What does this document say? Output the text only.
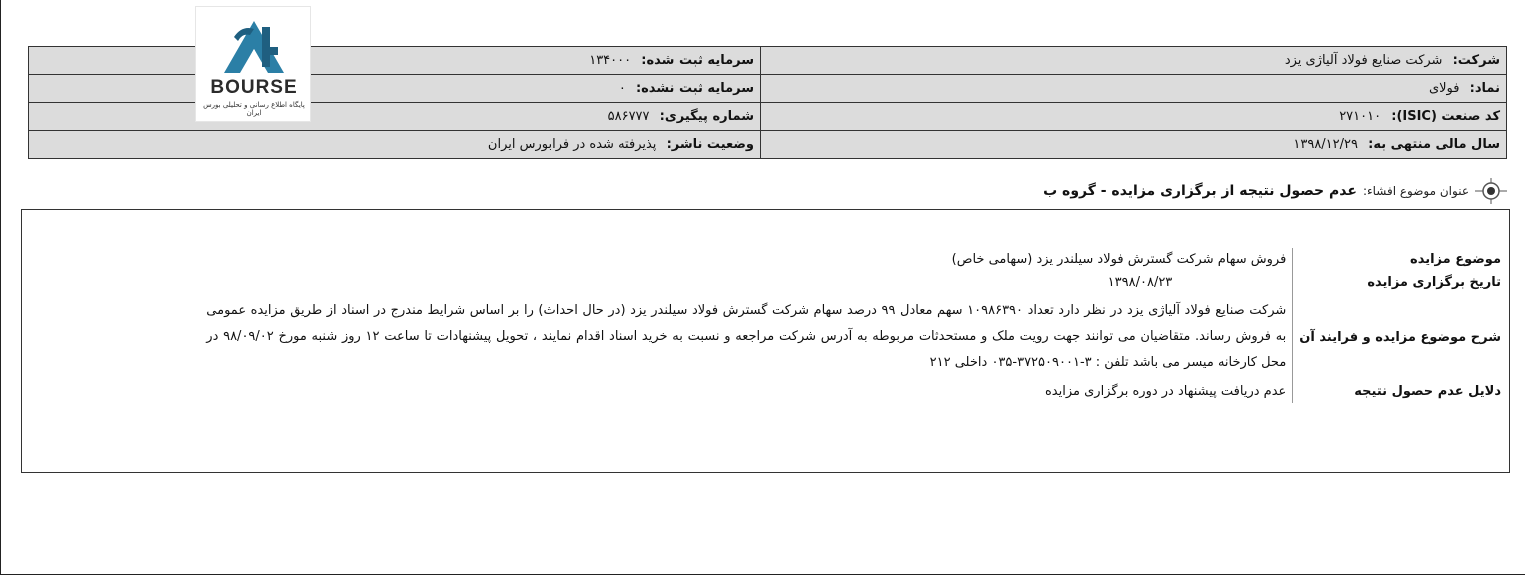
شرکت: شرکت صنایع فولاد آلیاژی یزد	سرمایه ثبت شده: ۱۳۴۰۰۰
نماد: فولای	سرمایه ثبت نشده: ۰
کد صنعت (ISIC): ۲۷۱۰۱۰	شماره پیگیری: ۵۸۶۷۷۷
سال مالی منتهی به: ۱۳۹۸/۱۲/۲۹	وضعیت ناشر: پذیرفته شده در فرابورس ایران
BOURSE
پایگاه اطلاع رسانی و تحلیلی بورس ایران
عنوان موضوع افشاء:
عدم حصول نتیجه از برگزاری مزایده - گروه ب
موضوع مزایده	فروش سهام شرکت گسترش فولاد سیلندر یزد (سهامی خاص)
تاریخ برگزاری مزایده	۱۳۹۸/۰۸/۲۳
شرح موضوع مزایده و فرایند آن	شرکت صنایع فولاد آلیاژی یزد در نظر دارد تعداد ۱۰۹۸۶۳۹۰ سهم معادل ۹۹ درصد سهام شرکت گسترش فولاد سیلندر یزد (در حال احداث) را بر اساس شرایط مندرج در اسناد از طریق مزایده عمومی به فروش رساند. متقاضیان می توانند جهت رویت ملک و مستحدثات مربوطه به آدرس شرکت مراجعه و نسبت به خرید اسناد اقدام نمایند ، تحویل پیشنهادات تا ساعت ۱۲ روز شنبه مورخ ۹۸/۰۹/۰۲ در محل کارخانه میسر می باشد تلفن : ۳-۳۷۲۵۰۹۰۰۱-۰۳۵ داخلی ۲۱۲
دلایل عدم حصول نتیجه	عدم دریافت پیشنهاد در دوره برگزاری مزایده
